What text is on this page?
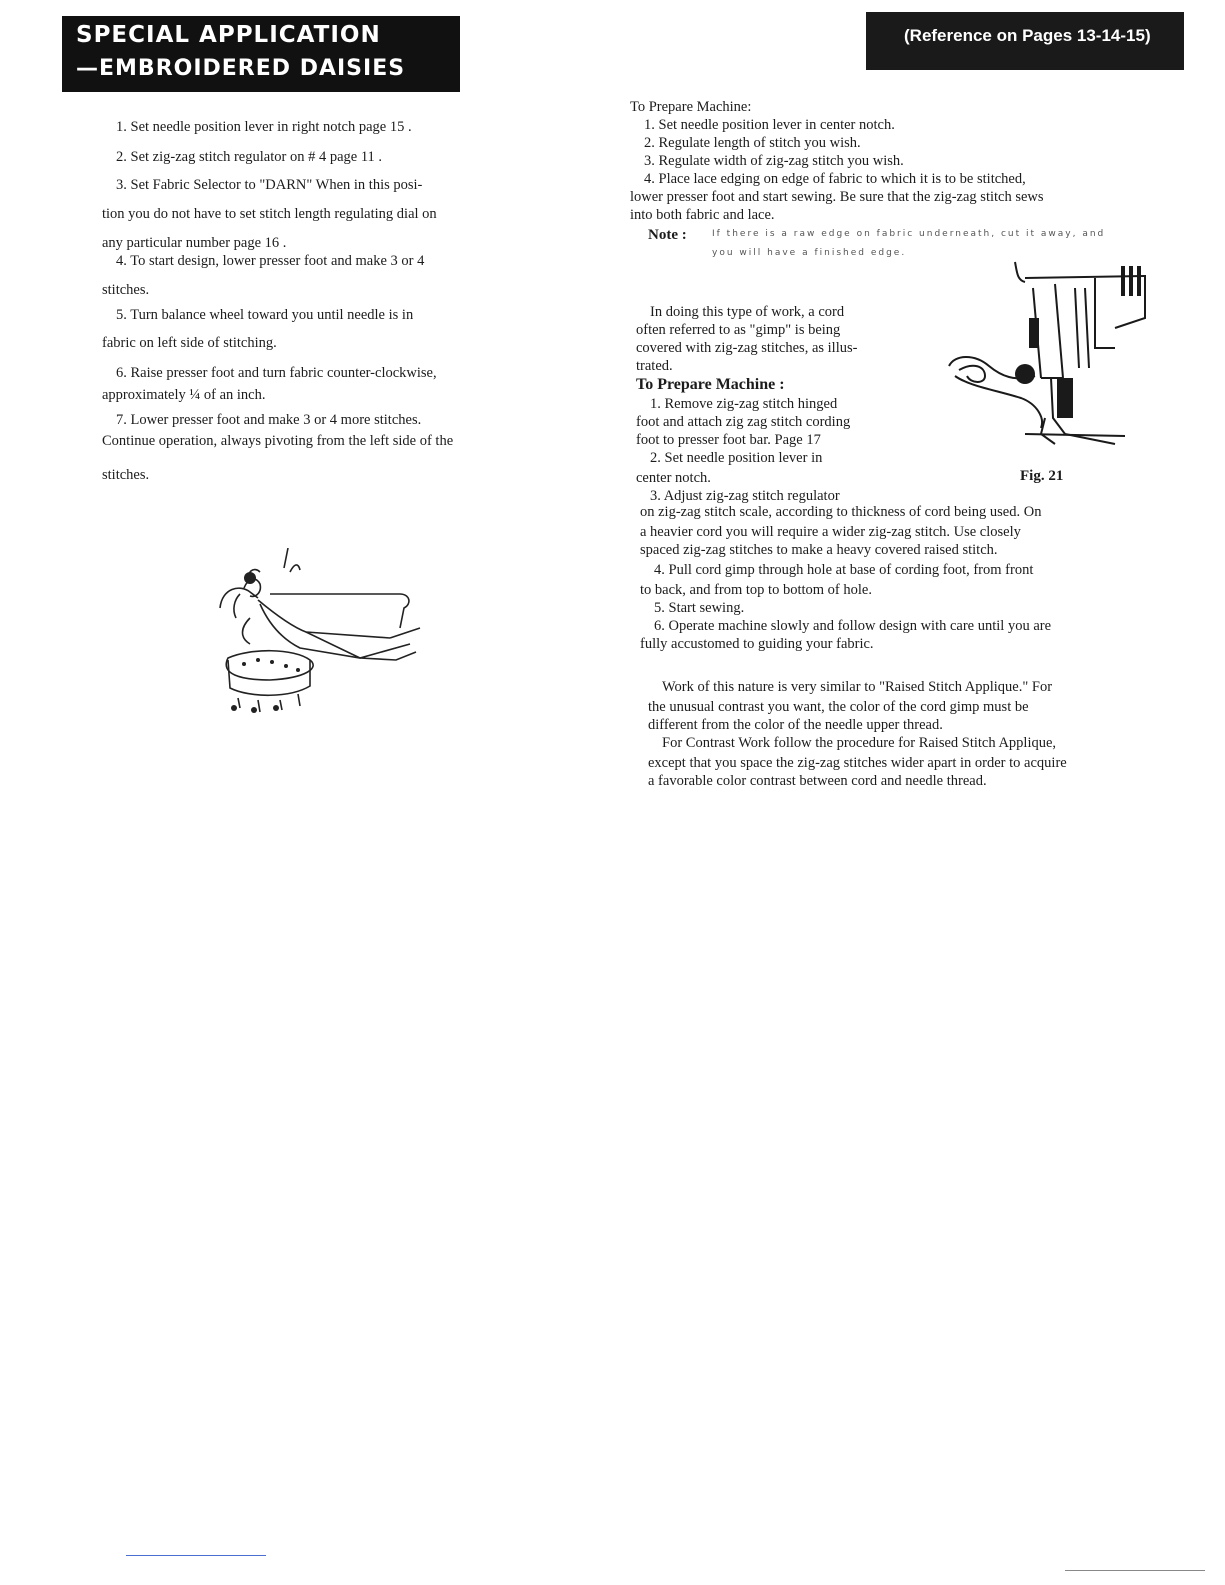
SPECIAL APPLICATION
—EMBROIDERED DAISIES
(Reference on Pages 13-14-15)

1. Set needle position lever in right notch page 15 .

2. Set zig-zag stitch regulator on # 4 page 11 .

3. Set Fabric Selector to "DARN" When in this posi-

tion you do not have to set stitch length regulating dial on

any particular number page 16 .

4. To start design, lower presser foot and make 3 or 4

stitches.

5. Turn balance wheel toward you until needle is in

fabric on left side of stitching.

6. Raise presser foot and turn fabric counter-clockwise,

approximately ¼ of an inch.

7. Lower presser foot and make 3 or 4 more stitches.

Continue operation, always pivoting from the left side of the

stitches.

To Prepare Machine:

1. Set needle position lever in center notch.

2. Regulate length of stitch you wish.

3. Regulate width of zig-zag stitch you wish.

4. Place lace edging on edge of fabric to which it is to be stitched,

lower presser foot and start sewing. Be sure that the zig-zag stitch sews

into both fabric and lace.

Note :	If there is a raw edge on fabric underneath, cut it away, and

you will have a finished edge.

In doing this type of work, a cord

often referred to as "gimp" is being

covered with zig-zag stitches, as illus-

trated.

To Prepare Machine :

1. Remove zig-zag stitch hinged

foot and attach zig zag stitch cording

foot to presser foot bar. Page 17

2. Set needle position lever in

center notch.

3. Adjust zig-zag stitch regulator

Fig. 21

on zig-zag stitch scale, according to thickness of cord being used. On

a heavier cord you will require a wider zig-zag stitch. Use closely

spaced zig-zag stitches to make a heavy covered raised stitch.

4. Pull cord gimp through hole at base of cording foot, from front

to back, and from top to bottom of hole.

5. Start sewing.

6. Operate machine slowly and follow design with care until you are

fully accustomed to guiding your fabric.

Work of this nature is very similar to "Raised Stitch Applique." For

the unusual contrast you want, the color of the cord gimp must be

different from the color of the needle upper thread.

For Contrast Work follow the procedure for Raised Stitch Applique,

except that you space the zig-zag stitches wider apart in order to acquire

a favorable color contrast between cord and needle thread.
